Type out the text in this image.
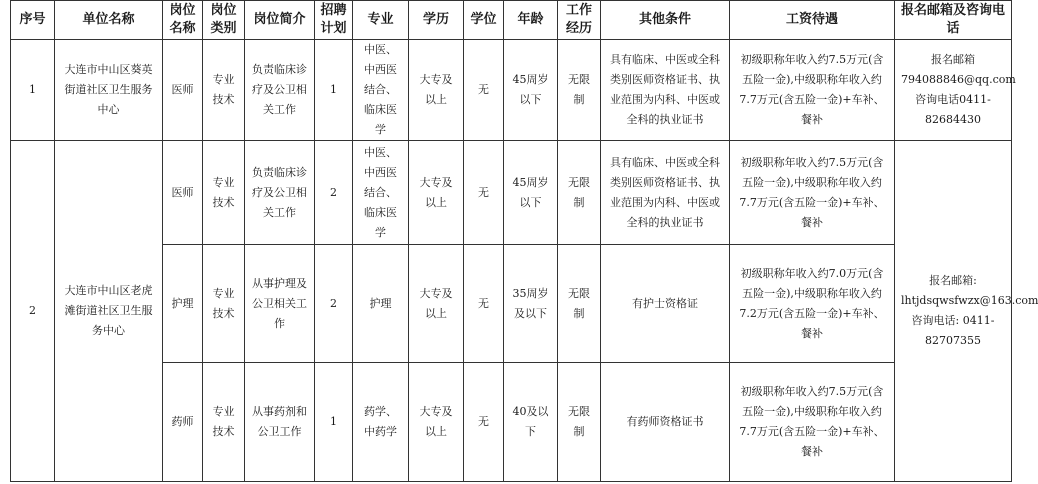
序号	单位名称	岗位名称	岗位类别	岗位简介	招聘计划	专业	学历	学位	年龄	工作经历	其他条件	工资待遇	报名邮箱及咨询电话
1	大连市中山区葵英街道社区卫生服务中心	医师	专业技术	负责临床诊疗及公卫相关工作	1	中医、中西医结合、临床医学	大专及以上	无	45周岁以下	无限制	具有临床、中医或全科类别医师资格证书、执业范围为内科、中医或全科的执业证书	初级职称年收入约7.5万元(含五险一金),中级职称年收入约7.7万元(含五险一金)+车补、餐补	报名邮箱794088846@qq.com 咨询电话0411-82684430
2	大连市中山区老虎滩街道社区卫生服务中心	医师	专业技术	负责临床诊疗及公卫相关工作	2	中医、中西医结合、临床医学	大专及以上	无	45周岁以下	无限制	具有临床、中医或全科类别医师资格证书、执业范围为内科、中医或全科的执业证书	初级职称年收入约7.5万元(含五险一金),中级职称年收入约7.7万元(含五险一金)+车补、餐补	报名邮箱: lhtjdsqwsfwzx@163.com 咨询电话: 0411-82707355
		护理	专业技术	从事护理及公卫相关工作	2	护理	大专及以上	无	35周岁及以下	无限制	有护士资格证	初级职称年收入约7.0万元(含五险一金),中级职称年收入约7.2万元(含五险一金)+车补、餐补	
		药师	专业技术	从事药剂和公卫工作	1	药学、中药学	大专及以上	无	40及以下	无限制	有药师资格证书	初级职称年收入约7.5万元(含五险一金),中级职称年收入约7.7万元(含五险一金)+车补、餐补	
